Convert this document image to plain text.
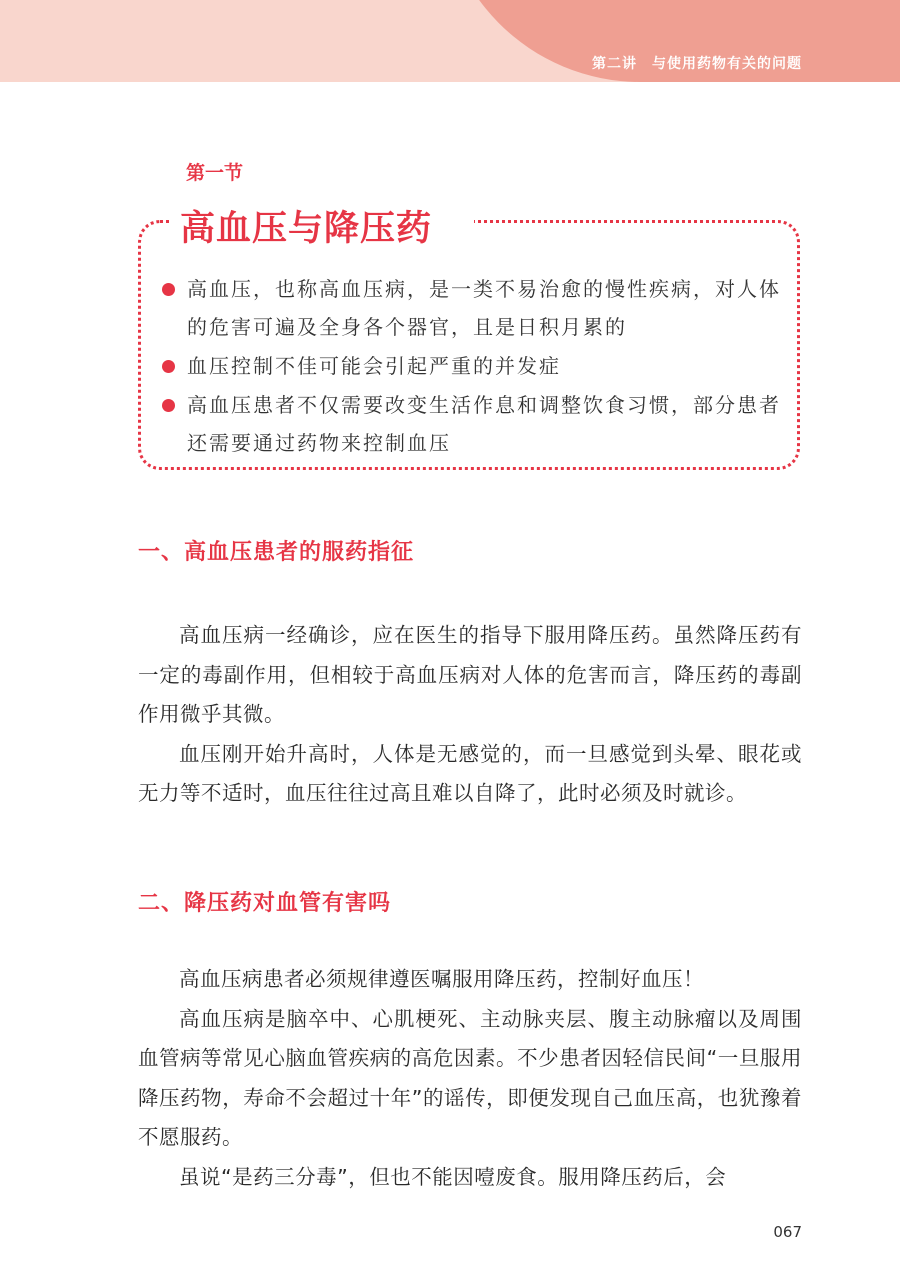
第二讲　与使用药物有关的问题
第一节
高血压与降压药
高血压，也称高血压病，是一类不易治愈的慢性疾病，对人体的危害可遍及全身各个器官，且是日积月累的
血压控制不佳可能会引起严重的并发症
高血压患者不仅需要改变生活作息和调整饮食习惯，部分患者还需要通过药物来控制血压
一、高血压患者的服药指征

高血压病一经确诊，应在医生的指导下服用降压药。虽然降压药有一定的毒副作用，但相较于高血压病对人体的危害而言，降压药的毒副作用微乎其微。

血压刚开始升高时，人体是无感觉的，而一旦感觉到头晕、眼花或无力等不适时，血压往往过高且难以自降了，此时必须及时就诊。

二、降压药对血管有害吗

高血压病患者必须规律遵医嘱服用降压药，控制好血压！

高血压病是脑卒中、心肌梗死、主动脉夹层、腹主动脉瘤以及周围血管病等常见心脑血管疾病的高危因素。不少患者因轻信民间“一旦服用降压药物，寿命不会超过十年”的谣传，即便发现自己血压高，也犹豫着不愿服药。

虽说“是药三分毒”，但也不能因噎废食。服用降压药后，会

067
